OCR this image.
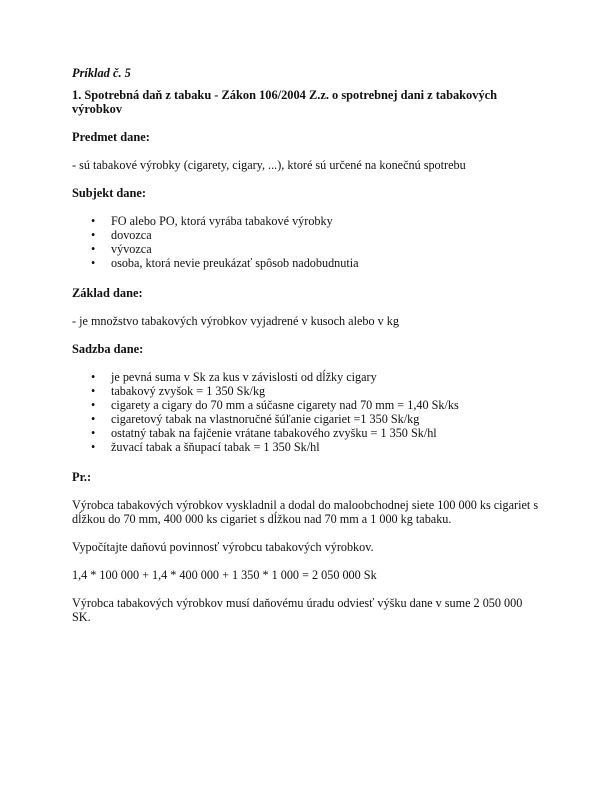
Príklad č. 5

1. Spotrebná daň z tabaku - Zákon 106/2004 Z.z. o spotrebnej dani z tabakových výrobkov

Predmet dane:

- sú tabakové výrobky (cigarety, cigary, ...), ktoré sú určené na konečnú spotrebu

Subjekt dane:

• FO alebo PO, ktorá vyrába tabakové výrobky
• dovozca
• vývozca
• osoba, ktorá nevie preukázať spôsob nadobudnutia

Základ dane:

- je množstvo tabakových výrobkov vyjadrené v kusoch alebo v kg

Sadzba dane:

• je pevná suma v Sk za kus v závislosti od dĺžky cigary
• tabakový zvyšok = 1 350 Sk/kg
• cigarety a cigary do 70 mm a súčasne cigarety nad 70 mm = 1,40 Sk/ks
• cigaretový tabak na vlastnoručné šúľanie cigariet =1 350 Sk/kg
• ostatný tabak na fajčenie vrátane tabakového zvyšku = 1 350 Sk/hl
• žuvací tabak a šňupací tabak = 1 350 Sk/hl

Pr.:

Výrobca tabakových výrobkov vyskladnil a dodal do maloobchodnej siete 100 000 ks cigariet s dĺžkou do 70 mm, 400 000 ks cigariet s dĺžkou nad 70 mm a 1 000 kg tabaku.

Vypočítajte daňovú povinnosť výrobcu tabakových výrobkov.

1,4 * 100 000 + 1,4 * 400 000 + 1 350 * 1 000 = 2 050 000 Sk

Výrobca tabakových výrobkov musí daňovému úradu odviesť výšku dane v sume 2 050 000 SK.
